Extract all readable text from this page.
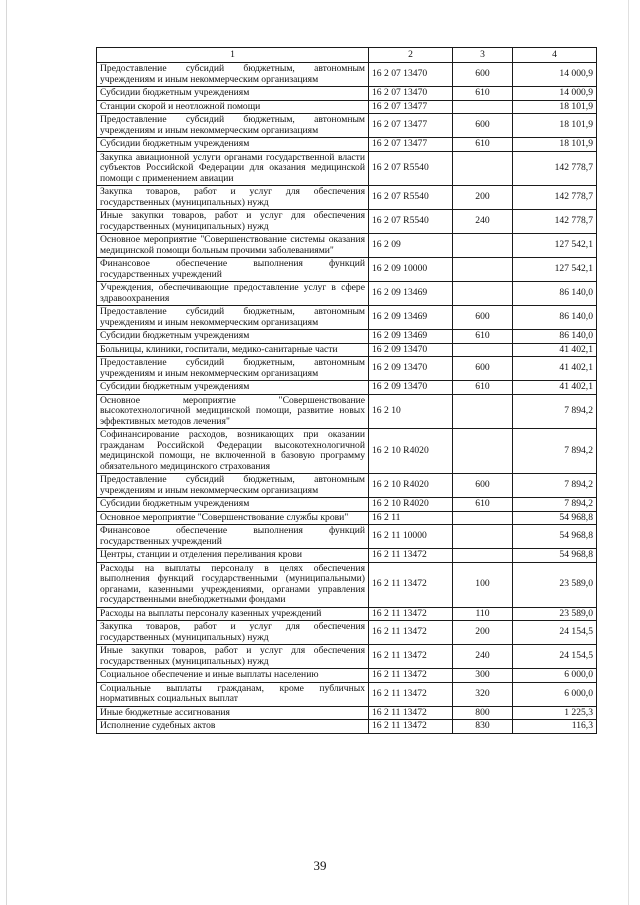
1	2	3	4
Предоставление субсидий бюджетным, автономным учреждениям и иным некоммерческим организациям	16 2 07 13470	600	14 000,9
Субсидии бюджетным учреждениям	16 2 07 13470	610	14 000,9
Станции скорой и неотложной помощи	16 2 07 13477		18 101,9
Предоставление субсидий бюджетным, автономным учреждениям и иным некоммерческим организациям	16 2 07 13477	600	18 101,9
Субсидии бюджетным учреждениям	16 2 07 13477	610	18 101,9
Закупка авиационной услуги органами государственной власти субъектов Российской Федерации для оказания медицинской помощи с применением авиации	16 2 07 R5540		142 778,7
Закупка товаров, работ и услуг для обеспечения государственных (муниципальных) нужд	16 2 07 R5540	200	142 778,7
Иные закупки товаров, работ и услуг для обеспечения государственных (муниципальных) нужд	16 2 07 R5540	240	142 778,7
Основное мероприятие "Совершенствование системы оказания медицинской помощи больным прочими заболеваниями"	16 2 09		127 542,1
Финансовое обеспечение выполнения функций государственных учреждений	16 2 09 10000		127 542,1
Учреждения, обеспечивающие предоставление услуг в сфере здравоохранения	16 2 09 13469		86 140,0
Предоставление субсидий бюджетным, автономным учреждениям и иным некоммерческим организациям	16 2 09 13469	600	86 140,0
Субсидии бюджетным учреждениям	16 2 09 13469	610	86 140,0
Больницы, клиники, госпитали, медико-санитарные части	16 2 09 13470		41 402,1
Предоставление субсидий бюджетным, автономным учреждениям и иным некоммерческим организациям	16 2 09 13470	600	41 402,1
Субсидии бюджетным учреждениям	16 2 09 13470	610	41 402,1
Основное мероприятие "Совершенствование высокотехнологичной медицинской помощи, развитие новых эффективных методов лечения"	16 2 10		7 894,2
Софинансирование расходов, возникающих при оказании гражданам Российской Федерации высокотехнологичной медицинской помощи, не включенной в базовую программу обязательного медицинского страхования	16 2 10 R4020		7 894,2
Предоставление субсидий бюджетным, автономным учреждениям и иным некоммерческим организациям	16 2 10 R4020	600	7 894,2
Субсидии бюджетным учреждениям	16 2 10 R4020	610	7 894,2
Основное мероприятие "Совершенствование службы крови"	16 2 11		54 968,8
Финансовое обеспечение выполнения функций государственных учреждений	16 2 11 10000		54 968,8
Центры, станции и отделения переливания крови	16 2 11 13472		54 968,8
Расходы на выплаты персоналу в целях обеспечения выполнения функций государственными (муниципальными) органами, казенными учреждениями, органами управления государственными внебюджетными фондами	16 2 11 13472	100	23 589,0
Расходы на выплаты персоналу казенных учреждений	16 2 11 13472	110	23 589,0
Закупка товаров, работ и услуг для обеспечения государственных (муниципальных) нужд	16 2 11 13472	200	24 154,5
Иные закупки товаров, работ и услуг для обеспечения государственных (муниципальных) нужд	16 2 11 13472	240	24 154,5
Социальное обеспечение и иные выплаты населению	16 2 11 13472	300	6 000,0
Социальные выплаты гражданам, кроме публичных нормативных социальных выплат	16 2 11 13472	320	6 000,0
Иные бюджетные ассигнования	16 2 11 13472	800	1 225,3
Исполнение судебных актов	16 2 11 13472	830	116,3
39
